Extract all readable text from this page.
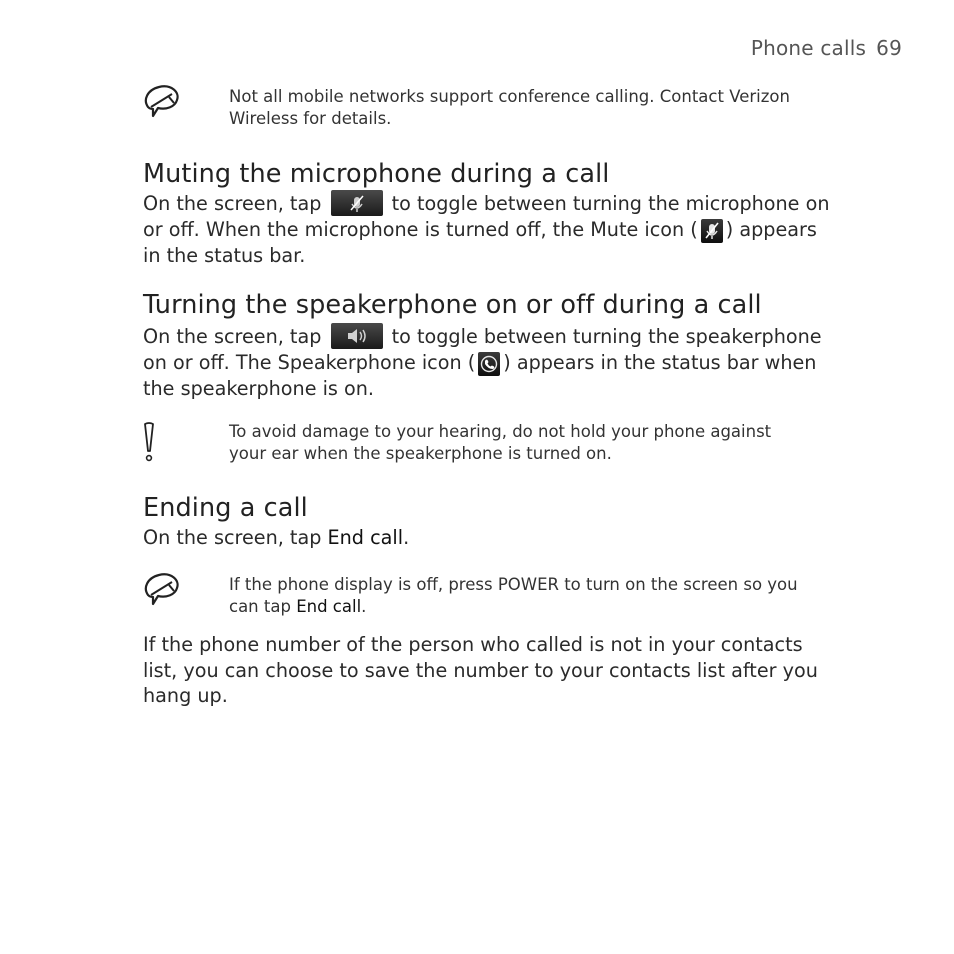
Phone calls 69
Not all mobile networks support conference calling. Contact Verizon
Wireless for details.
Muting the microphone during a call
On the screen, tap	to toggle between turning the microphone on
or off. When the microphone is turned off, the Mute icon ( ) appears
in the status bar.
Turning the speakerphone on or off during a call
On the screen, tap	to toggle between turning the speakerphone
on or off. The Speakerphone icon ( ) appears in the status bar when
the speakerphone is on.
To avoid damage to your hearing, do not hold your phone against
your ear when the speakerphone is turned on.
Ending a call
On the screen, tap End call.
If the phone display is off, press POWER to turn on the screen so you
can tap End call.
If the phone number of the person who called is not in your contacts
list, you can choose to save the number to your contacts list after you
hang up.
